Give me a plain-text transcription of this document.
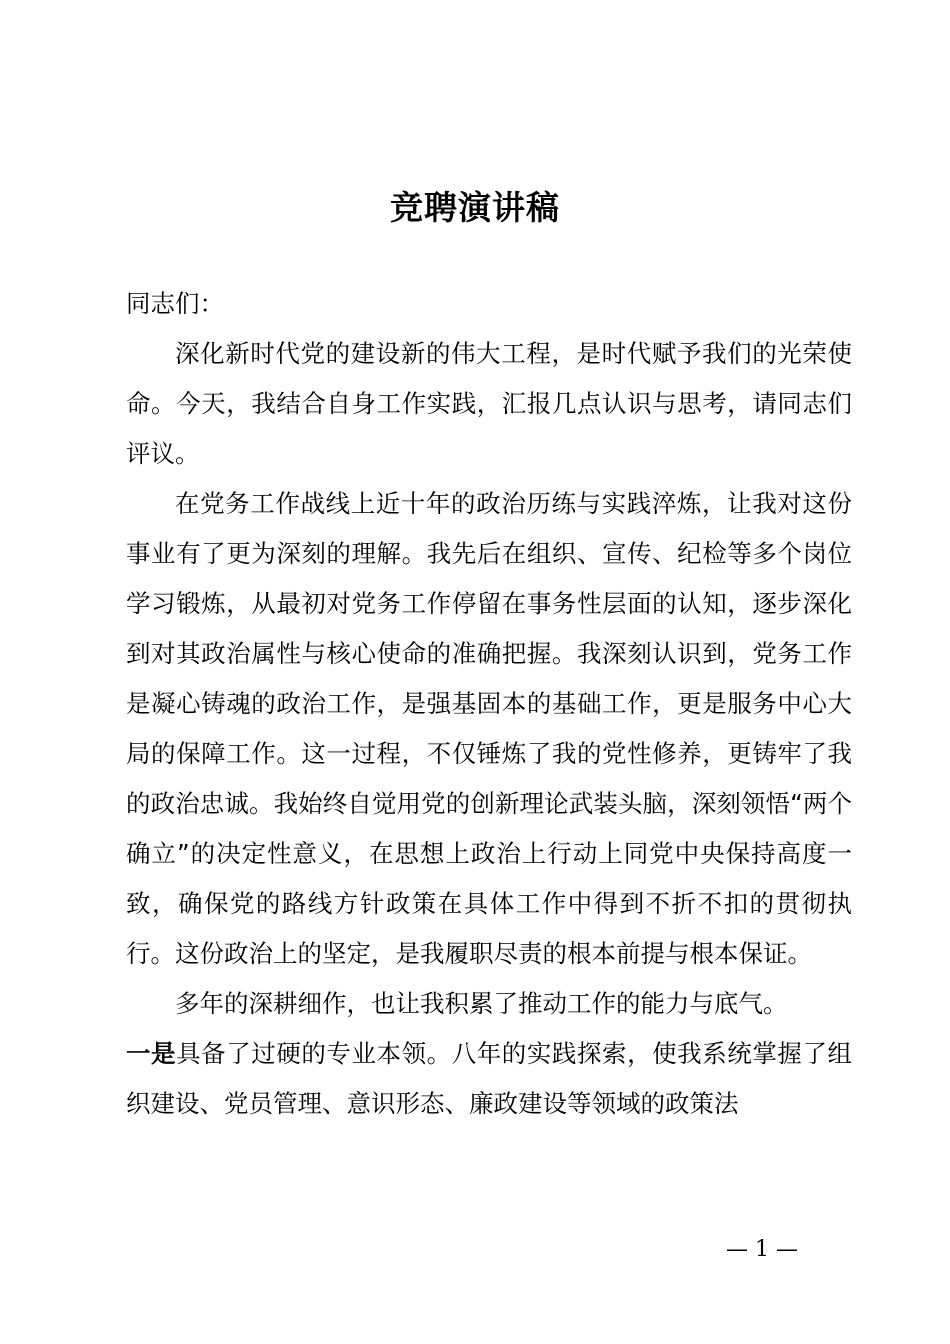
竞聘演讲稿

同志们：

深化新时代党的建设新的伟大工程，是时代赋予我们的光荣使命。今天，我结合自身工作实践，汇报几点认识与思考，请同志们评议。

在党务工作战线上近十年的政治历练与实践淬炼，让我对这份事业有了更为深刻的理解。我先后在组织、宣传、纪检等多个岗位学习锻炼，从最初对党务工作停留在事务性层面的认知，逐步深化到对其政治属性与核心使命的准确把握。我深刻认识到，党务工作是凝心铸魂的政治工作，是强基固本的基础工作，更是服务中心大局的保障工作。这一过程，不仅锤炼了我的党性修养，更铸牢了我的政治忠诚。我始终自觉用党的创新理论武装头脑，深刻领悟“两个确立”的决定性意义，在思想上政治上行动上同党中央保持高度一致，确保党的路线方针政策在具体工作中得到不折不扣的贯彻执行。这份政治上的坚定，是我履职尽责的根本前提与根本保证。

多年的深耕细作，也让我积累了推动工作的能力与底气。

一是具备了过硬的专业本领。八年的实践探索，使我系统掌握了组织建设、党员管理、意识形态、廉政建设等领域的政策法

— 1 —
